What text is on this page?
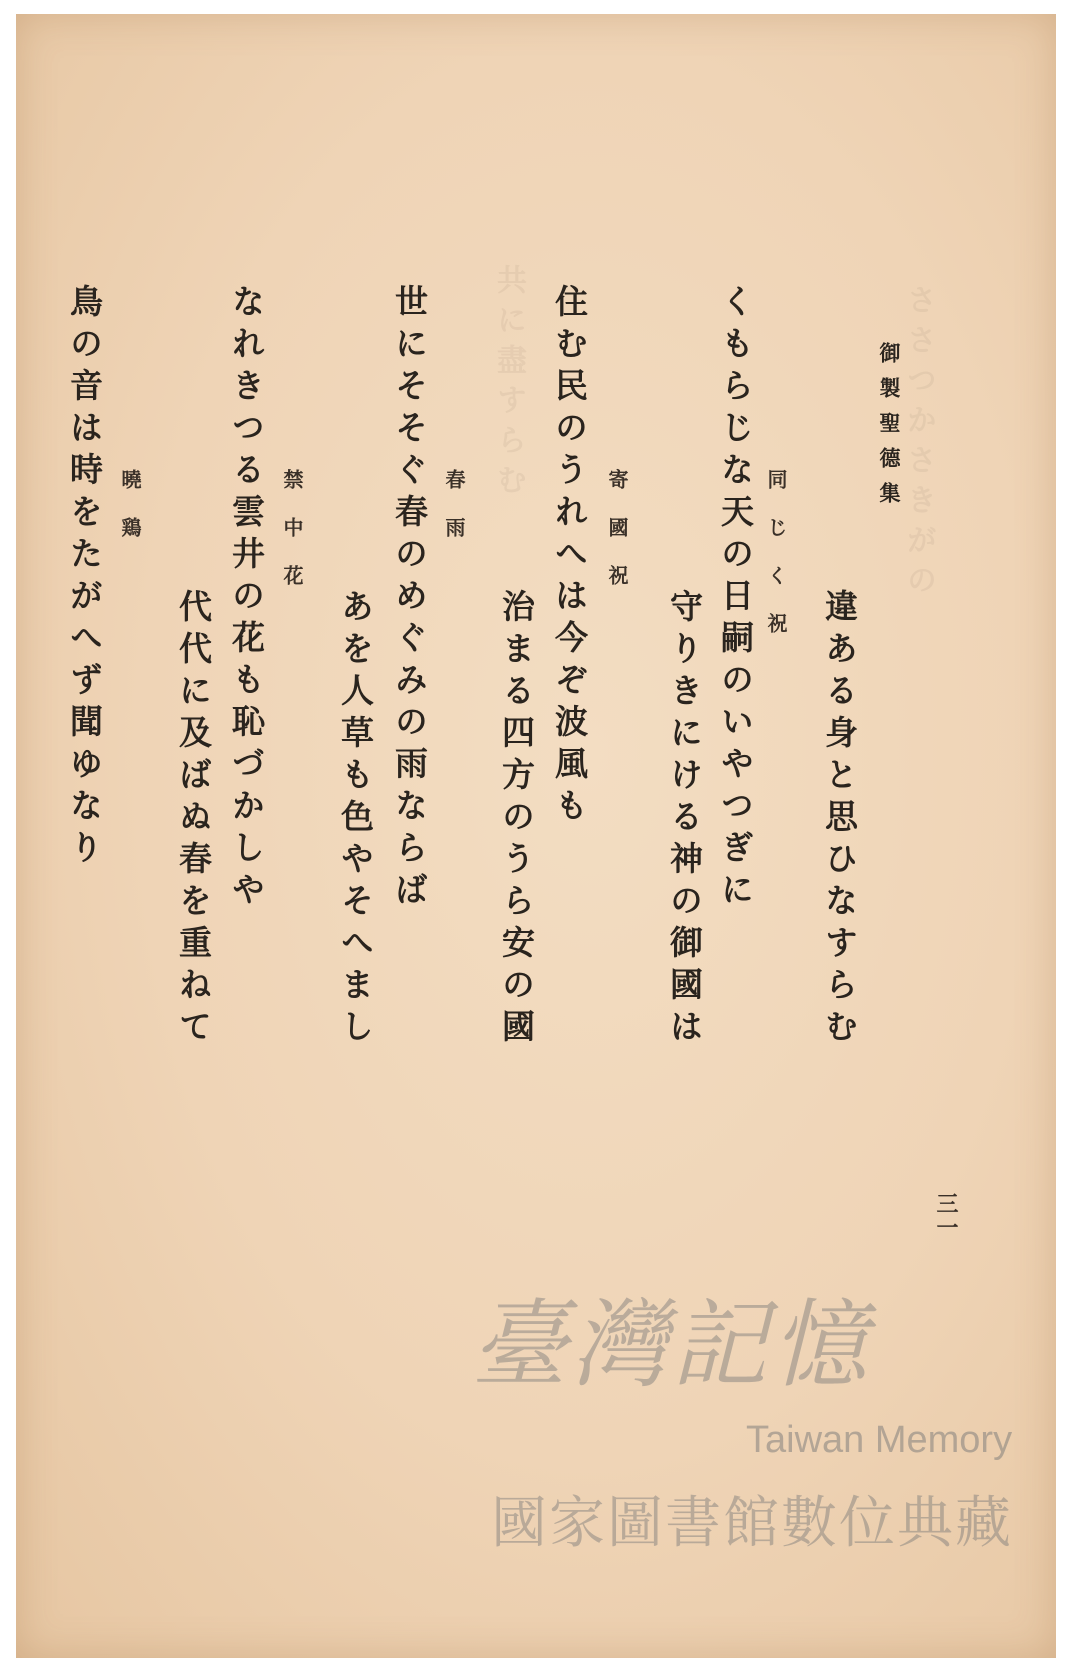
ささつかさきがの
共に盡すらむ	御製聖德集
違ある身と思ひなすらむ
同じく祝
くもらじな天の日嗣のいやつぎに
守りきにける神の御國は
寄國祝
住む民のうれへは今ぞ波風も
治まる四方のうら安の國
春雨
世にそそぐ春のめぐみの雨ならば
あを人草も色やそへまし
禁中花
なれきつる雲井の花も恥づかしや
代代に及ばぬ春を重ねて
曉鶏
鳥の音は時をたがへず聞ゆなり
三一
臺灣記憶
Taiwan Memory
國家圖書館數位典藏
